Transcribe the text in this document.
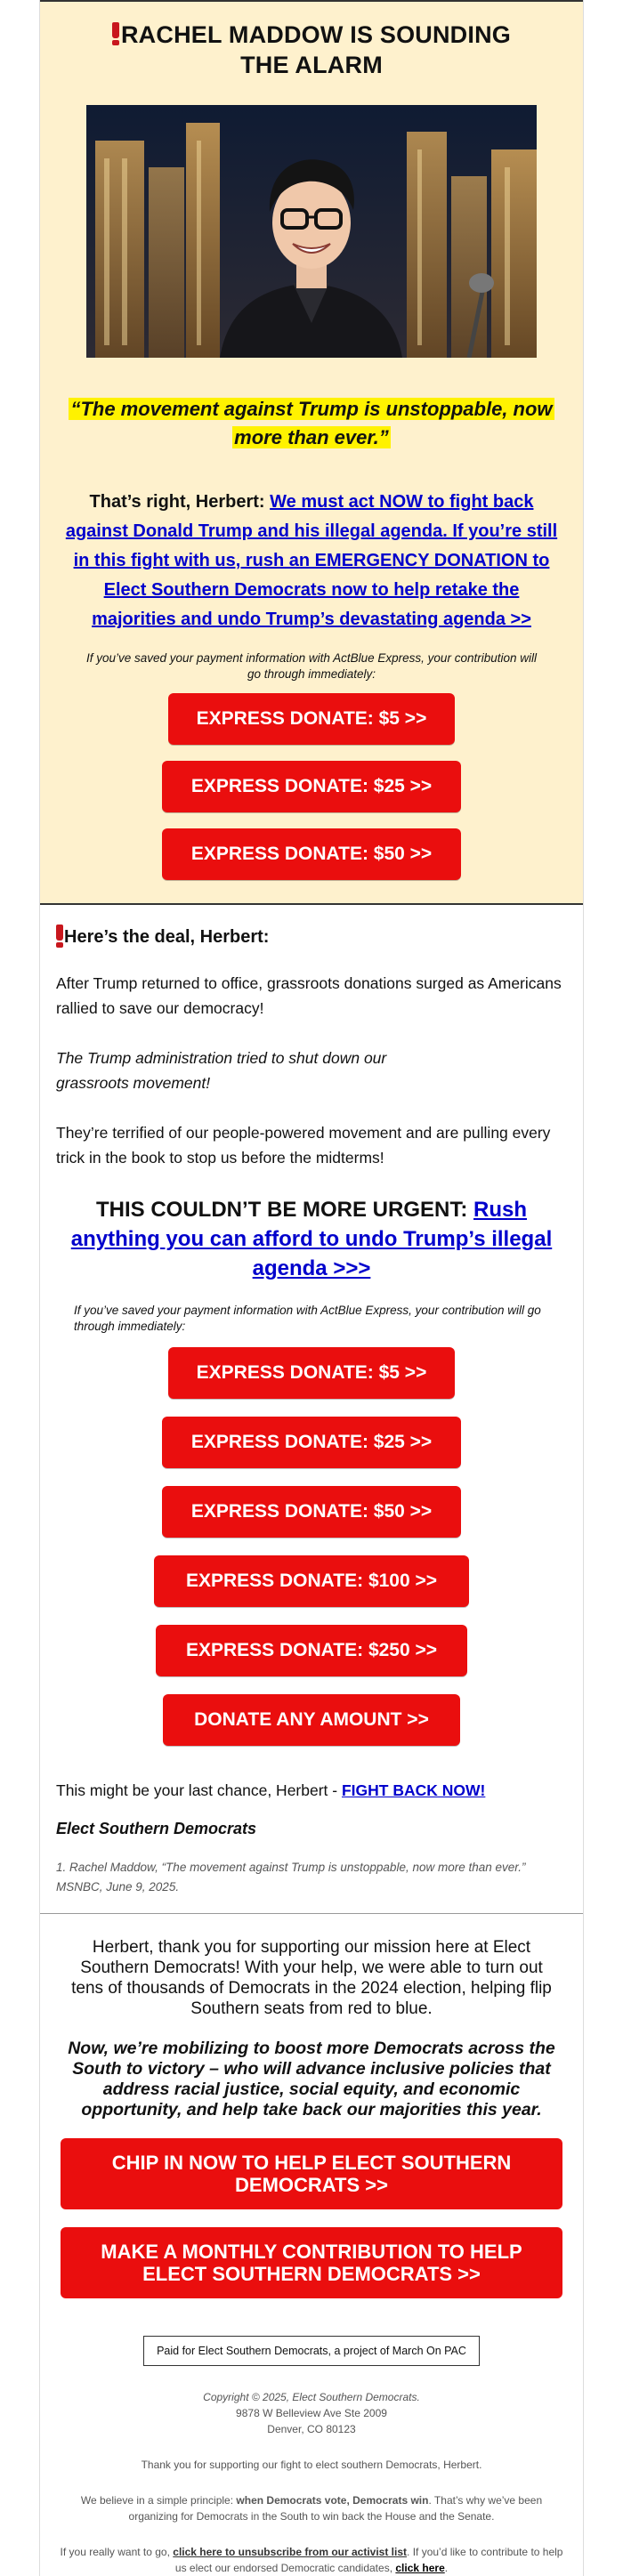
RACHEL MADDOW IS SOUNDING
THE ALARM
“The movement against Trump is unstoppable, now more than ever.”

That’s right, Herbert: We must act NOW to fight back against Donald Trump and his illegal agenda. If you’re still in this fight with us, rush an EMERGENCY DONATION to Elect Southern Democrats now to help retake the majorities and undo Trump’s devastating agenda >>

If you’ve saved your payment information with ActBlue Express, your contribution will go through immediately:

EXPRESS DONATE: $5 >>
EXPRESS DONATE: $25 >>
EXPRESS DONATE: $50 >>
Here’s the deal, Herbert:

After Trump returned to office, grassroots donations surged as Americans rallied to save our democracy!

The Trump administration tried to shut down our grassroots movement!

They’re terrified of our people-powered movement and are pulling every trick in the book to stop us before the midterms!

THIS COULDN’T BE MORE URGENT: Rush anything you can afford to undo Trump’s illegal agenda >>>

If you’ve saved your payment information with ActBlue Express, your contribution will go through immediately:

EXPRESS DONATE: $5 >>
EXPRESS DONATE: $25 >>
EXPRESS DONATE: $50 >>
EXPRESS DONATE: $100 >>
EXPRESS DONATE: $250 >>
DONATE ANY AMOUNT >>

This might be your last chance, Herbert - FIGHT BACK NOW!

Elect Southern Democrats

1. Rachel Maddow, “The movement against Trump is unstoppable, now more than ever.” MSNBC, June 9, 2025.

Herbert, thank you for supporting our mission here at Elect Southern Democrats! With your help, we were able to turn out tens of thousands of Democrats in the 2024 election, helping flip Southern seats from red to blue.

Now, we’re mobilizing to boost more Democrats across the South to victory – who will advance inclusive policies that address racial justice, social equity, and economic opportunity, and help take back our majorities this year.

CHIP IN NOW TO HELP ELECT SOUTHERN DEMOCRATS >>
MAKE A MONTHLY CONTRIBUTION TO HELP ELECT SOUTHERN DEMOCRATS >>
Paid for Elect Southern Democrats, a project of March On PAC
Copyright © 2025, Elect Southern Democrats.
9878 W Belleview Ave Ste 2009
Denver, CO 80123

Thank you for supporting our fight to elect southern Democrats, Herbert.

We believe in a simple principle: when Democrats vote, Democrats win. That’s why we’ve been organizing for Democrats in the South to win back the House and the Senate.

If you really want to go, click here to unsubscribe from our activist list. If you’d like to contribute to help us elect our endorsed Democratic candidates, click here.
